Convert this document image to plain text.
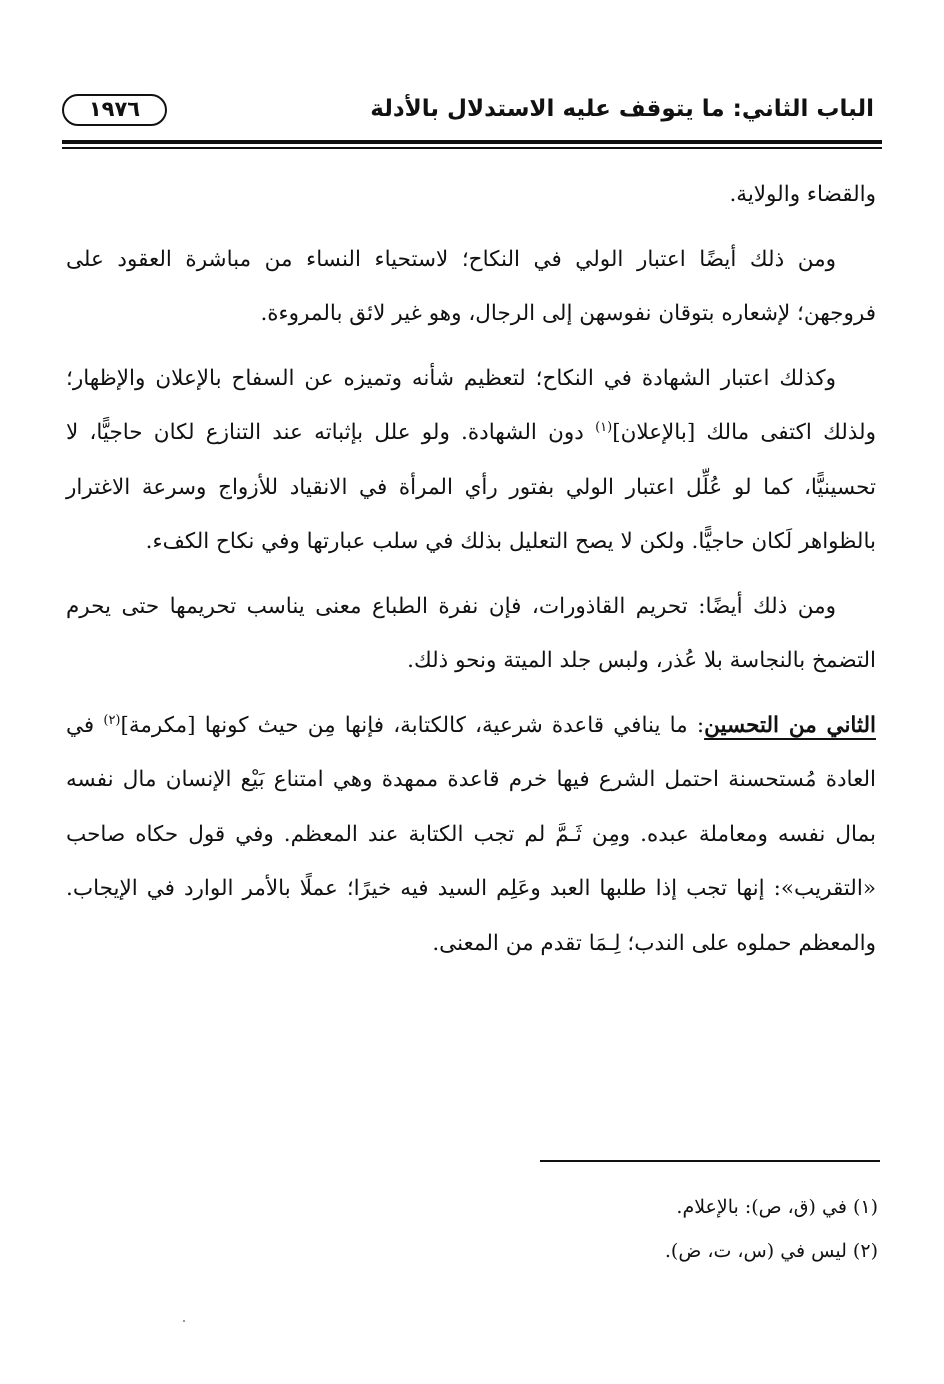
الباب الثاني: ما يتوقف عليه الاستدلال بالأدلة
١٩٧٦

والقضاء والولاية.

ومن ذلك أيضًا اعتبار الولي في النكاح؛ لاستحياء النساء من مباشرة العقود على فروجهن؛ لإشعاره بتوقان نفوسهن إلى الرجال، وهو غير لائق بالمروءة.

وكذلك اعتبار الشهادة في النكاح؛ لتعظيم شأنه وتميزه عن السفاح بالإعلان والإظهار؛ ولذلك اكتفى مالك [بالإعلان]$^{(١)}$ دون الشهادة. ولو علل بإثباته عند التنازع لكان حاجيًّا، لا تحسينيًّا، كما لو عُلِّل اعتبار الولي بفتور رأي المرأة في الانقياد للأزواج وسرعة الاغترار بالظواهر لَكان حاجيًّا. ولكن لا يصح التعليل بذلك في سلب عبارتها وفي نكاح الكفء.

ومن ذلك أيضًا: تحريم القاذورات، فإن نفرة الطباع معنى يناسب تحريمها حتى يحرم التضمخ بالنجاسة بلا عُذر، ولبس جلد الميتة ونحو ذلك.

الثاني من التحسين: ما ينافي قاعدة شرعية، كالكتابة، فإنها مِن حيث كونها [مكرمة]$^{(٢)}$ في العادة مُستحسنة احتمل الشرع فيها خرم قاعدة ممهدة وهي امتناع بَيْع الإنسان مال نفسه بمال نفسه ومعاملة عبده. ومِن ثَـمَّ لم تجب الكتابة عند المعظم. وفي قول حكاه صاحب «التقريب»: إنها تجب إذا طلبها العبد وعَلِم السيد فيه خيرًا؛ عملًا بالأمر الوارد في الإيجاب. والمعظم حملوه على الندب؛ لِـمَا تقدم من المعنى.

(١) في (ق، ص): بالإعلام.
(٢) ليس في (س، ت، ض).
